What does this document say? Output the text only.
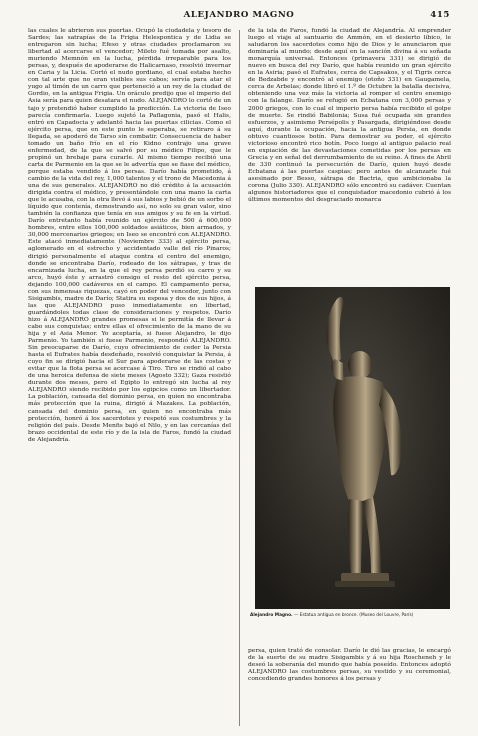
ALEJANDRO MAGNO	415

las cuales le abrieron sus puertas. Ocupó la ciudadela y tesoro de Sardes; las satrapías de la Frigia Helespontica y de Lidia se entregaron sin lucha; Efeso y otras ciudades proclamaron su libertad al acercarse el vencedor; Mileto fué tomada por asalto, muriendo Memnón en la lucha, pérdida irreparable para los persas, y, después de apoderarse de Halicarnaso, resolvió invernar en Caria y la Licia. Cortó el nudo gordiano, el cual estaba hecho con tal arte que no eran visibles sus cabos; servía para atar el yugo al timón de un carro que perteneció a un rey de la ciudad de Gordio, en la antigua Frigia. Un oráculo predijo que el imperio del Asia sería para quien desatara el nudo. ALEJANDRO lo cortó de un tajo y pretendió haber cumplido la predicción. La victoria de Iseo parecía confirmarla. Luego sujetó la Paflagonia, pasó el Halis, entró en Capadocia y adelantó hacia las puertas cilicias. Como el ejército persa, que en este punto le esperaba, se retiraro á su llegada, se apoderó de Tarso sin combatir. Consecuencia de haber tomado un baño frío en el río Kidno contrajo una grave enfermedad, de la que se salvó por su médico Filipo, que le propinó un brebaje para curarle. Al mismo tiempo recibió una carta de Parmenio en la que se le advertía que se fiase del médico, porque estaba vendido á los persas. Darío había prometido, á cambio de la vida del rey, 1,000 talentos y el trono de Macedonia á una de sus generales. ALEJANDRO no dió crédito á la acusación dirigida contra el médico, y presentándole con una mano la carta que le acusaba, con la otra llevó á sus labios y bebió de un sorbo el líquido que contenía, demostrando así, no solo su gran valor, sino también la confianza que tenía en sus amigos y su fe en la virtud. Darío entretanto había reunido un ejército de 500 á 600,000 hombres, entre ellos 100,000 soldados asiáticos, bien armados, y 30,000 mercenarios griegos; en Iseo se encontró con ALEJANDRO. Este atacó inmediatamente (Noviembre 333) al ejército persa, aglomerado en el estrecho y accidentado valle del río Pinaros; dirigió personalmente el ataque contra el centro del enemigo, donde se encontraba Darío, rodeado de los sátrapas, y tras de encarnizada lucha, en la que el rey persa perdió su carro y su arco, huyó éste y arrastró consigo el resto del ejército persa, dejando 100,000 cadáveres en el campo. El campamento persa, con sus inmensas riquezas, cayó en poder del vencedor, junto con Sisigambis, madre de Darío; Statira su esposa y dos de sus hijos, á las que ALEJANDRO puso inmediatamente en libertad, guardándoles todas clase de consideraciones y respetos. Darío hizo á ALEJANDRO grandes promesas si le permitía de llevar á cabo sus conquistas; entre ellas el ofrecimiento de la mano de su hija y el Asia Menor. Yo aceptaría, si fuese Alejandro, le dijo Parmenio. Yo también si fuese Parmenio, respondió ALEJANDRO. Sin preocuparse de Darío, cuyo ofrecimiento de ceder la Persia hasta el Eufrates había desdeñado, resolvió conquistar la Persia, á cuyo fin se dirigió hacia el Sur para apoderarse de las costas y evitar que la flota persa se acercase á Tiro. Tiro se rindió al cabo de una heroica defensa de siete meses (Agosto 332); Gaza resistió durante dos meses, pero el Egipto lo entregó sin lucha al rey ALEJANDRO siendo recibido por los egipcios como un libertador. La población, cansada del dominio persa, en quien no encontraba más protección que la ruina, dirigió á Mazakes. La población, cansada del dominio persa, en quien no encontraba más protección, honró á los sacerdotes y respetó sus costumbres y la religión del país. Desde Menfis bajó el Nilo, y en las cercanías del brazo occidental de este río y de la isla de Faros, fundó la ciudad de Alejandría.

de la isla de Faros, fundó la ciudad de Alejandría. Al emprender luego el viaje al santuario de Ammón, en el desierto líbico, le saludaron los sacerdotes como hijo de Dios y le anunciaron que dominaría al mundo; desde aquí en la sanción divina á su soñada monarquía universal. Entonces (primavera 331) se dirigió de nuevo en busca del rey Darío, que había reunido un gran ejército en la Asiria; pasó el Eufrates, cerca de Capsakos, y el Tigris cerca de Bedzabde y encontró al enemigo (otoño 331) en Gaugamela, cerca de Arbelas; donde libró el 1.º de Octubre la batalla decisiva, obteniendo una vez más la victoria al romper el centro enemigo con la falange. Darío se refugió en Ecbatana con 3,000 persas y 2000 griegos, con lo cual el imperio persa había recibido el golpe de muerte. Se rindió Babilonia; Susa fué ocupada sin grandes esfuerzos, y asimismo Persépolis y Pasargada, dirigiéndose desde aquí, durante la ocupación, hacia la antigua Persia, en donde obtuvo cuantiosos botín. Para demostrar su poder, el ejército victorioso encontró rico botín. Poco luego al antiguo palacio real en expiación de las devastaciones cometidas por los persas en Grecia y en señal del derrumbamiento de su reino. Á fines de Abril de 330 continuó la persecución de Darío, quien huyó desde Ecbatana á las puertas caspias; pero antes de alcanzarle fué asesinado por Besso, sátrapa de Bactria, que ambicionaba la corona (Julio 330). ALEJANDRO sólo encontró su cadáver. Cuentan algunos historiadores que el conquistador macedonio cubrió á los últimos momentos del desgraciado monarca

Alejandro Magno. — Estatua antigua en bronce. (Museo del Louvre, París)

persa, quien trató de consolar. Darío le dió las gracias, le encargó de la suerte de su madre Sisigambis y á su hija Roscheneh y le deseó la soberanía del mundo que había poseído. Entonces adoptó ALEJANDRO las costumbres persas, su vestido y su ceremonial, concediendo grandes honores á los persas y
